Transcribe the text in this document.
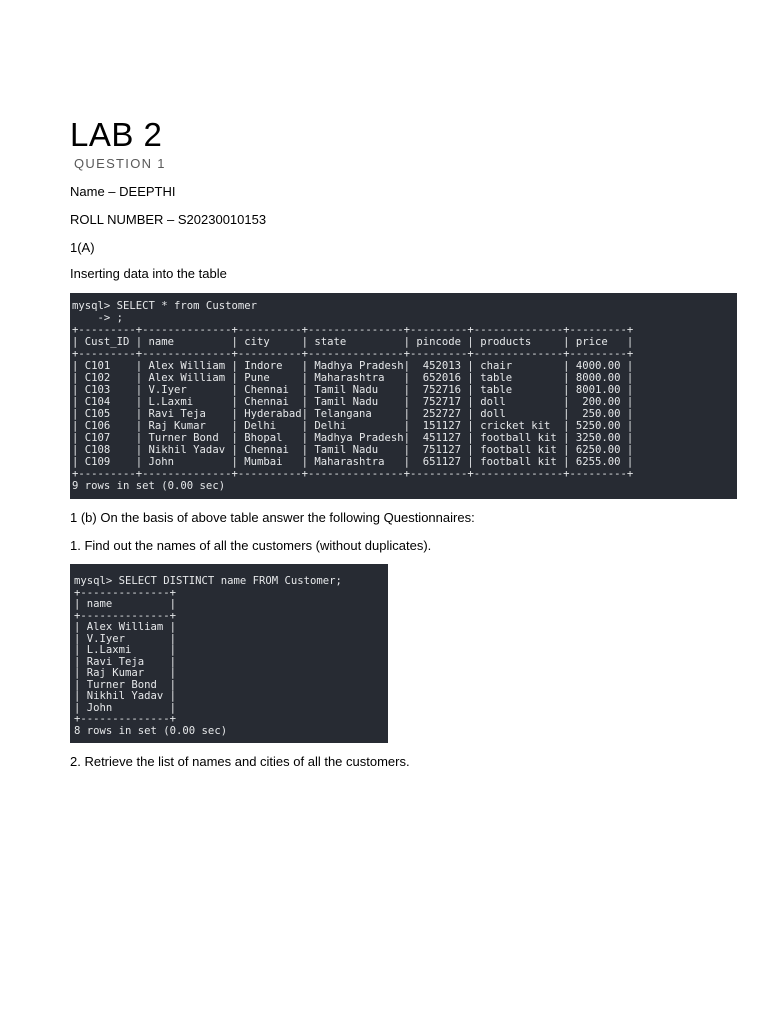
LAB 2
QUESTION 1
Name – DEEPTHI
ROLL NUMBER – S20230010153
1(A)
Inserting data into the table
mysql> SELECT * from Customer
-> ;
+---------+--------------+----------+---------------+---------+--------------+---------+
| Cust_ID | name         | city     | state         | pincode | products     | price   |
+---------+--------------+----------+---------------+---------+--------------+---------+
| C101    | Alex William | Indore   | Madhya Pradesh|  452013 | chair        | 4000.00 |
| C102    | Alex William | Pune     | Maharashtra   |  652016 | table        | 8000.00 |
| C103    | V.Iyer       | Chennai  | Tamil Nadu    |  752716 | table        | 8001.00 |
| C104    | L.Laxmi      | Chennai  | Tamil Nadu    |  752717 | doll         |  200.00 |
| C105    | Ravi Teja    | Hyderabad| Telangana     |  252727 | doll         |  250.00 |
| C106    | Raj Kumar    | Delhi    | Delhi         |  151127 | cricket kit  | 5250.00 |
| C107    | Turner Bond  | Bhopal   | Madhya Pradesh|  451127 | football kit | 3250.00 |
| C108    | Nikhil Yadav | Chennai  | Tamil Nadu    |  751127 | football kit | 6250.00 |
| C109    | John         | Mumbai   | Maharashtra   |  651127 | football kit | 6255.00 |
+---------+--------------+----------+---------------+---------+--------------+---------+
9 rows in set (0.00 sec)
1 (b) On the basis of above table answer the following Questionnaires:
1. Find out the names of all the customers (without duplicates).
mysql> SELECT DISTINCT name FROM Customer;
+--------------+
| name         |
+--------------+
| Alex William |
| V.Iyer       |
| L.Laxmi      |
| Ravi Teja    |
| Raj Kumar    |
| Turner Bond  |
| Nikhil Yadav |
| John         |
+--------------+
8 rows in set (0.00 sec)
2. Retrieve the list of names and cities of all the customers.
